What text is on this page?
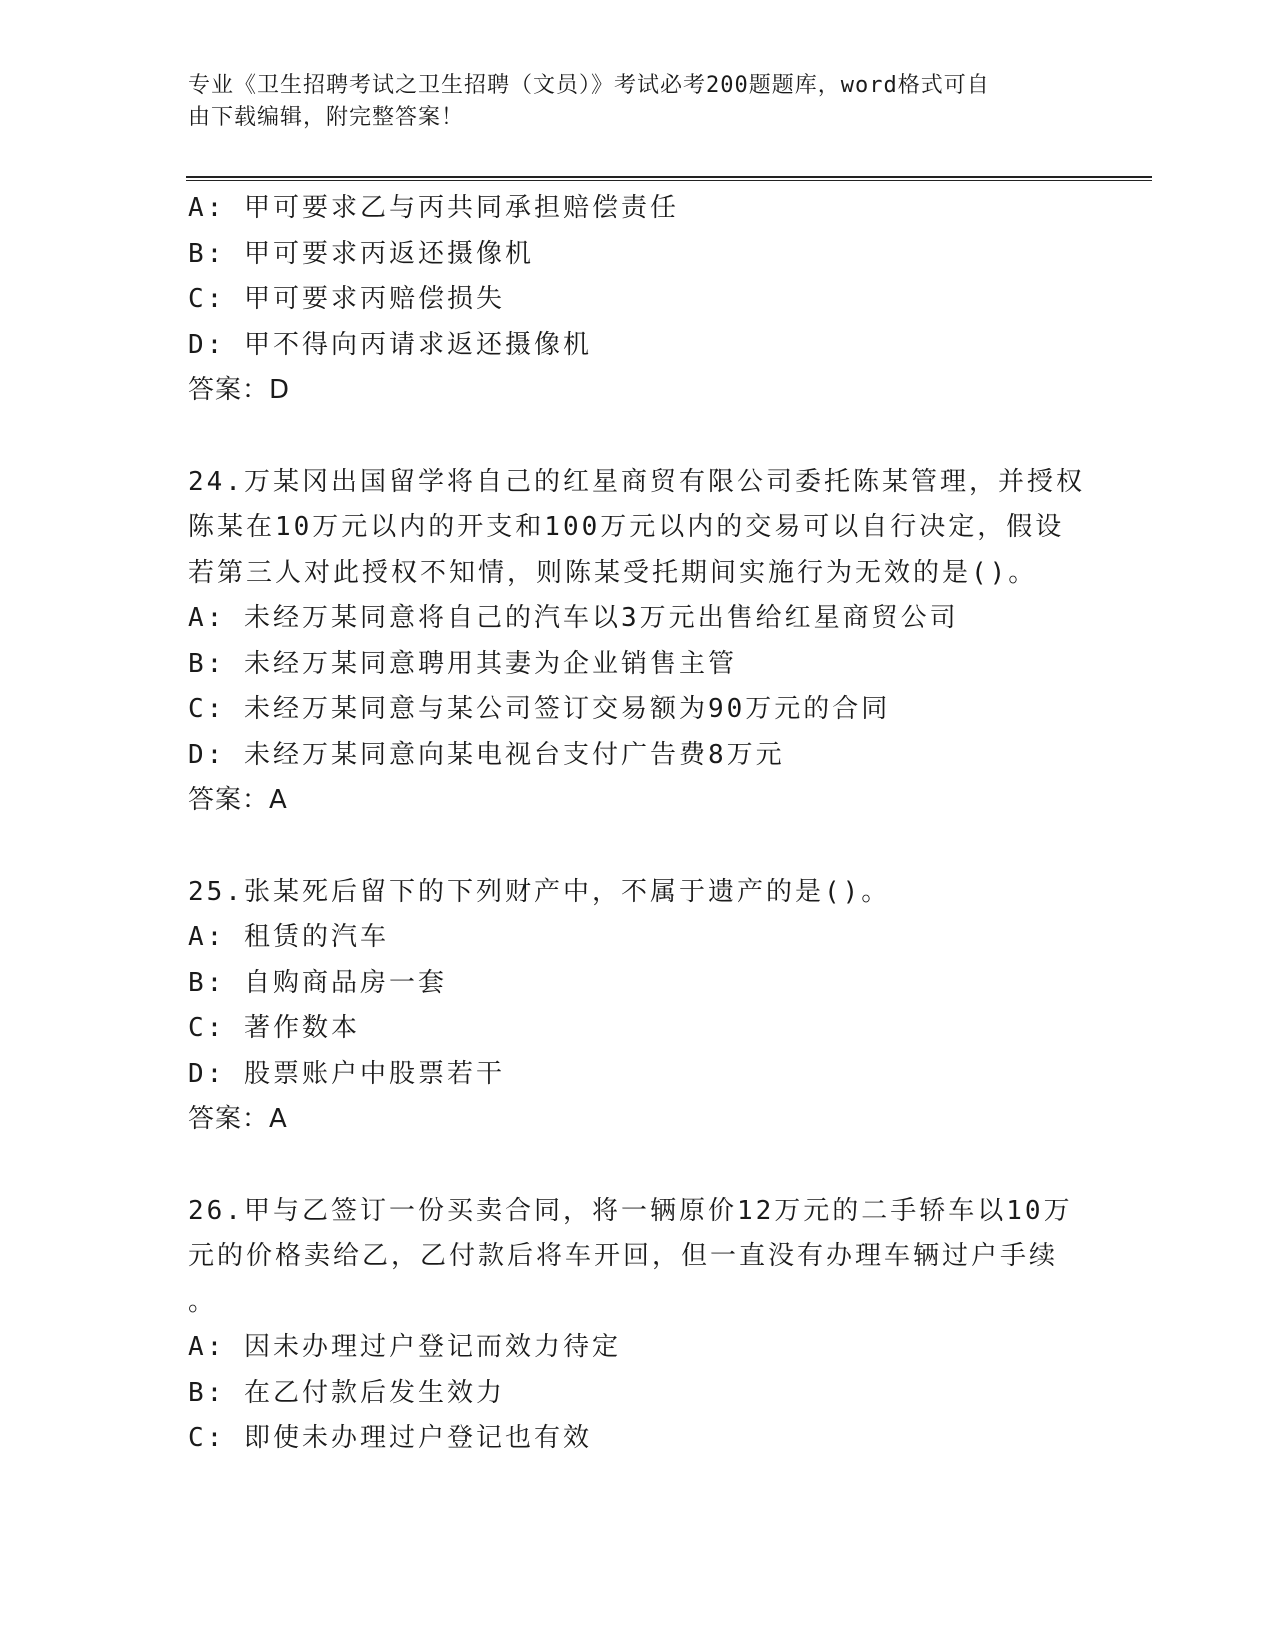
专业《卫生招聘考试之卫生招聘（文员）》考试必考200题题库，word格式可自
由下载编辑，附完整答案！
A: 甲可要求乙与丙共同承担赔偿责任
B: 甲可要求丙返还摄像机
C: 甲可要求丙赔偿损失
D: 甲不得向丙请求返还摄像机
答案：D
24.万某冈出国留学将自己的红星商贸有限公司委托陈某管理，并授权
陈某在10万元以内的开支和100万元以内的交易可以自行决定，假设
若第三人对此授权不知情，则陈某受托期间实施行为无效的是()。
A: 未经万某同意将自己的汽车以3万元出售给红星商贸公司
B: 未经万某同意聘用其妻为企业销售主管
C: 未经万某同意与某公司签订交易额为90万元的合同
D: 未经万某同意向某电视台支付广告费8万元
答案：A
25.张某死后留下的下列财产中，不属于遗产的是()。
A: 租赁的汽车
B: 自购商品房一套
C: 著作数本
D: 股票账户中股票若干
答案：A
26.甲与乙签订一份买卖合同，将一辆原价12万元的二手轿车以10万
元的价格卖给乙，乙付款后将车开回，但一直没有办理车辆过户手续
。
A: 因未办理过户登记而效力待定
B: 在乙付款后发生效力
C: 即使未办理过户登记也有效
